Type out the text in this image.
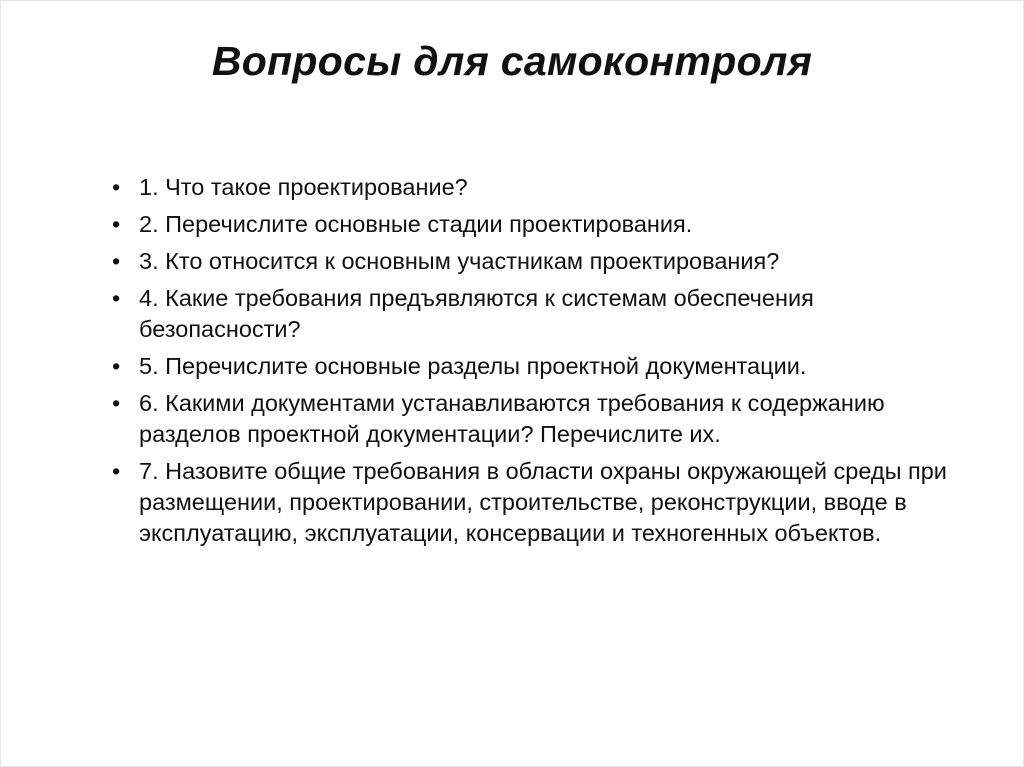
Вопросы для самоконтроля
• 1. Что такое проектирование?
• 2. Перечислите основные стадии проектирования.
• 3. Кто относится к основным участникам проектирования?
• 4. Какие требования предъявляются к системам обеспечения безопасности?
• 5. Перечислите основные разделы проектной документации.
• 6. Какими документами устанавливаются требования к содержанию разделов проектной документации? Перечислите их.
• 7. Назовите общие требования в области охраны окружающей среды при размещении, проектировании, строительстве, реконструкции, вводе в эксплуатацию, эксплуатации, консервации и техногенных объектов.
